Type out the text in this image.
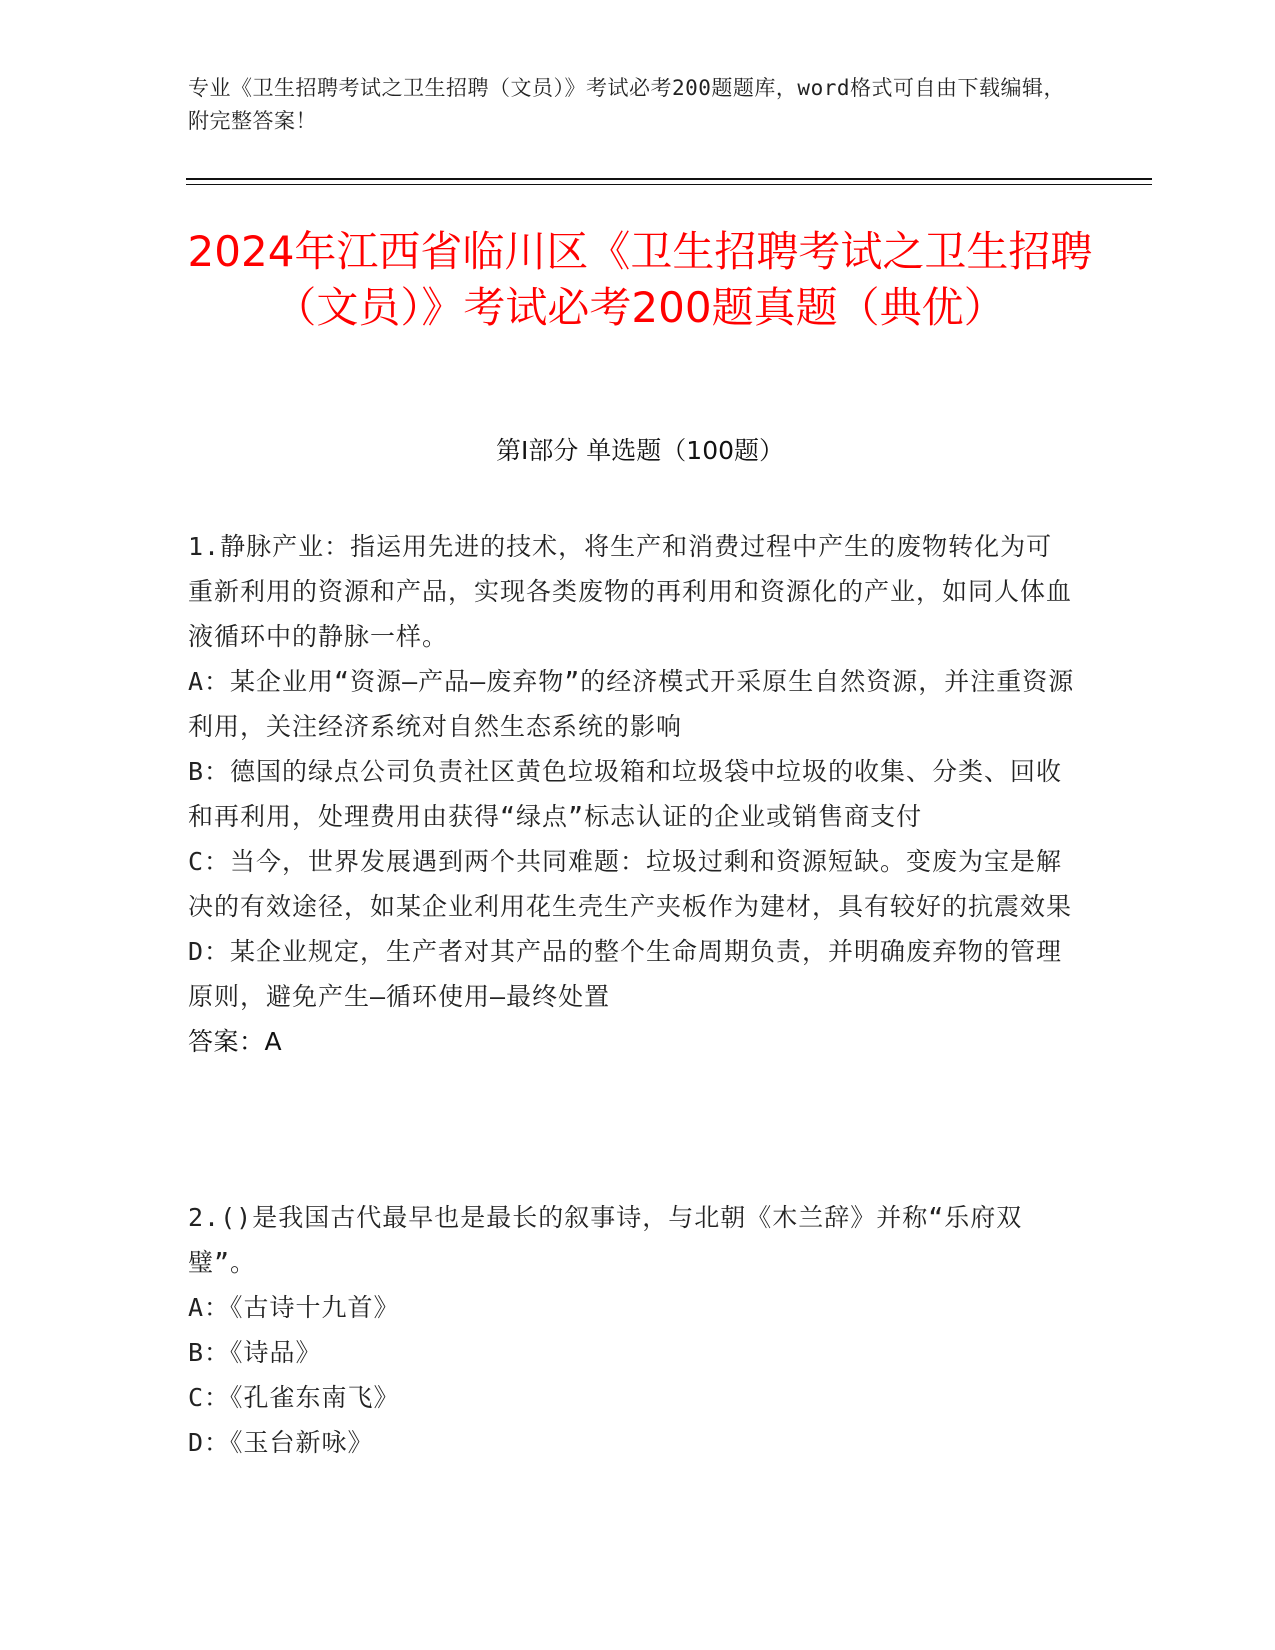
专业《卫生招聘考试之卫生招聘（文员）》考试必考200题题库，word格式可自由下载编辑，附完整答案！
2024年江西省临川区《卫生招聘考试之卫生招聘（文员）》考试必考200题真题（典优）
第I部分 单选题（100题）

1.静脉产业：指运用先进的技术，将生产和消费过程中产生的废物转化为可重新利用的资源和产品，实现各类废物的再利用和资源化的产业，如同人体血液循环中的静脉一样。

A：某企业用“资源—产品—废弃物”的经济模式开采原生自然资源，并注重资源利用，关注经济系统对自然生态系统的影响

B：德国的绿点公司负责社区黄色垃圾箱和垃圾袋中垃圾的收集、分类、回收和再利用，处理费用由获得“绿点”标志认证的企业或销售商支付

C：当今，世界发展遇到两个共同难题：垃圾过剩和资源短缺。变废为宝是解决的有效途径，如某企业利用花生壳生产夹板作为建材，具有较好的抗震效果

D：某企业规定，生产者对其产品的整个生命周期负责，并明确废弃物的管理原则，避免产生—循环使用—最终处置

答案：A

2.()是我国古代最早也是最长的叙事诗，与北朝《木兰辞》并称“乐府双璧”。

A：《古诗十九首》

B：《诗品》

C：《孔雀东南飞》

D：《玉台新咏》
